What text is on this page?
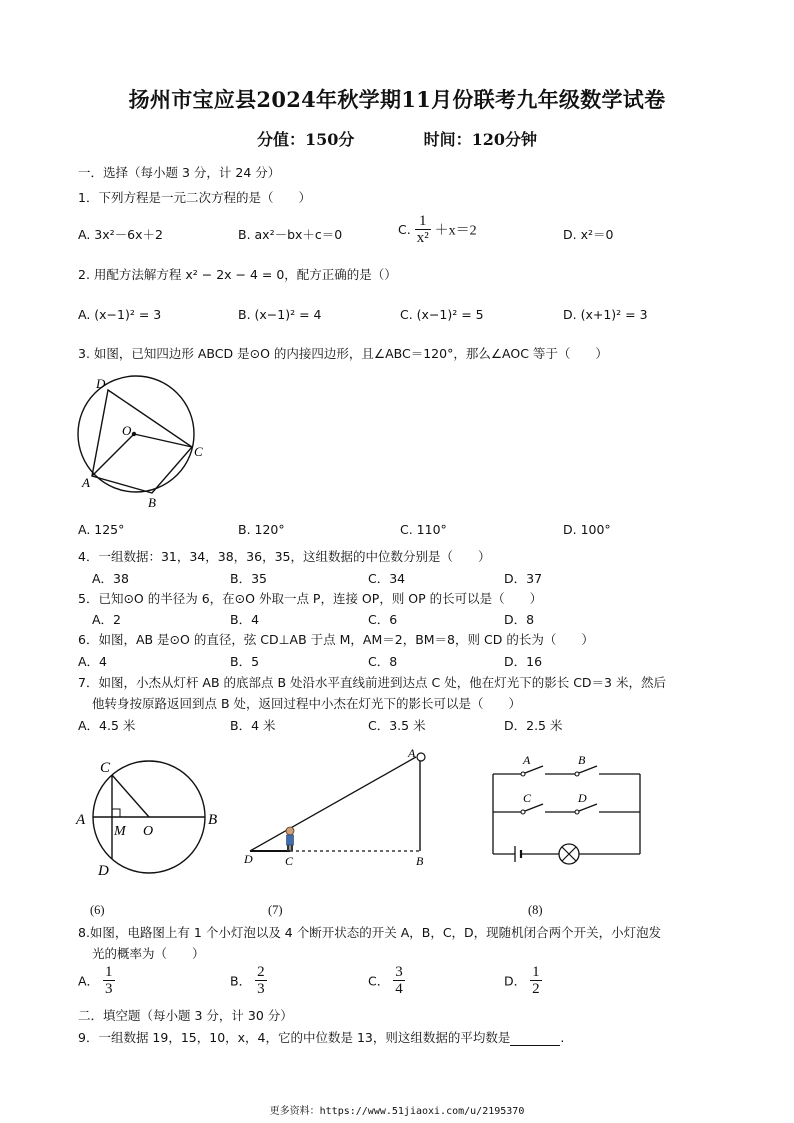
扬州市宝应县2024年秋学期11月份联考九年级数学试卷
分值：150分	时间：120分钟
一．选择（每小题 3 分，计 24 分）
1．下列方程是一元二次方程的是（　　）
A. 3x²－6x＋2	B. ax²－bx＋c＝0	C. $\frac{1}{\text{x²}} +x=2$	D. x²＝0
2. 用配方法解方程 x² − 2x − 4 = 0，配方正确的是（）
A. (x−1)² = 3	B. (x−1)² = 4	C. (x−1)² = 5	D. (x+1)² = 3
3. 如图，已知四边形 ABCD 是⊙O 的内接四边形，且∠ABC＝120°，那么∠AOC 等于（　　）
D
O
C
A
B
A. 125°	B. 120°	C. 110°	D. 100°
4．一组数据：31，34，38，36，35，这组数据的中位数分别是（　　）
A．38	B．35	C．34	D．37
5．已知⊙O 的半径为 6，在⊙O 外取一点 P，连接 OP，则 OP 的长可以是（　　）
A．2	B．4	C．6	D．8
6．如图，AB 是⊙O 的直径，弦 CD⊥AB 于点 M，AM＝2，BM＝8，则 CD 的长为（　　）
A．4	B．5	C．8	D．16
7．如图，小杰从灯杆 AB 的底部点 B 处沿水平直线前进到达点 C 处，他在灯光下的影长 CD＝3 米，然后
他转身按原路返回到点 B 处，返回过程中小杰在灯光下的影长可以是（　　）
A．4.5 米	B．4 米	C．3.5 米	D．2.5 米
C
A
M O
B
D
(6)
A
D	C	B
(7)
A	B
C	D
(8)
8.如图，电路图上有 1 个小灯泡以及 4 个断开状态的开关 A，B，C，D，现随机闭合两个开关，小灯泡发
光的概率为（　　）
A． $\frac{1}{3}$	B． $\frac{2}{3}$	C． $\frac{3}{4}$	D． $\frac{1}{2}$
二．填空题（每小题 3 分，计 30 分）
9．一组数据 19，15，10，x，4，它的中位数是 13，则这组数据的平均数是	.
更多资料：https://www.51jiaoxi.com/u/2195370
